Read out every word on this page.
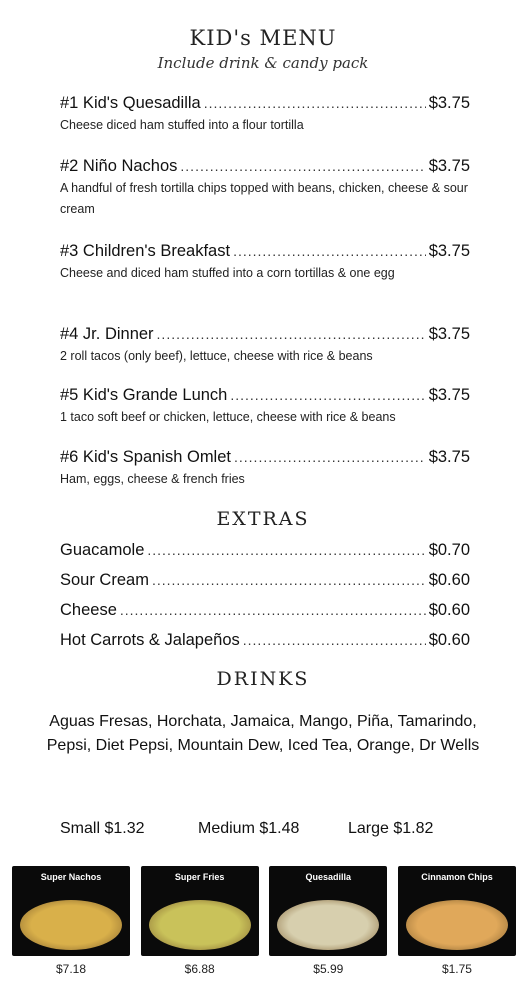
KID's MENU
Include drink & candy pack
#1 Kid's Quesadilla .....	$3.75
Cheese diced ham stuffed into a flour tortilla
#2 Niño Nachos .....	$3.75
A handful of fresh tortilla chips topped with beans, chicken, cheese & sour cream
#3 Children's Breakfast .....	$3.75
Cheese and diced ham stuffed into a corn tortillas & one egg
#4 Jr. Dinner .....	$3.75
2 roll tacos (only beef), lettuce, cheese with rice & beans
#5 Kid's Grande Lunch .....	$3.75
1 taco soft beef or chicken, lettuce, cheese with rice & beans
#6 Kid's Spanish Omlet .....	$3.75
Ham, eggs, cheese & french fries
EXTRAS
Guacamole .....	$0.70
Sour Cream .....	$0.60
Cheese .....	$0.60
Hot Carrots & Jalapeños .....	$0.60
DRINKS
Aguas Fresas, Horchata, Jamaica, Mango, Piña, Tamarindo, Pepsi, Diet Pepsi, Mountain Dew, Iced Tea, Orange, Dr Wells
Small $1.32	Medium $1.48	Large $1.82
Super Nachos
$7.18
Super Fries
$6.88
Quesadilla
$5.99
Cinnamon Chips
$1.75
